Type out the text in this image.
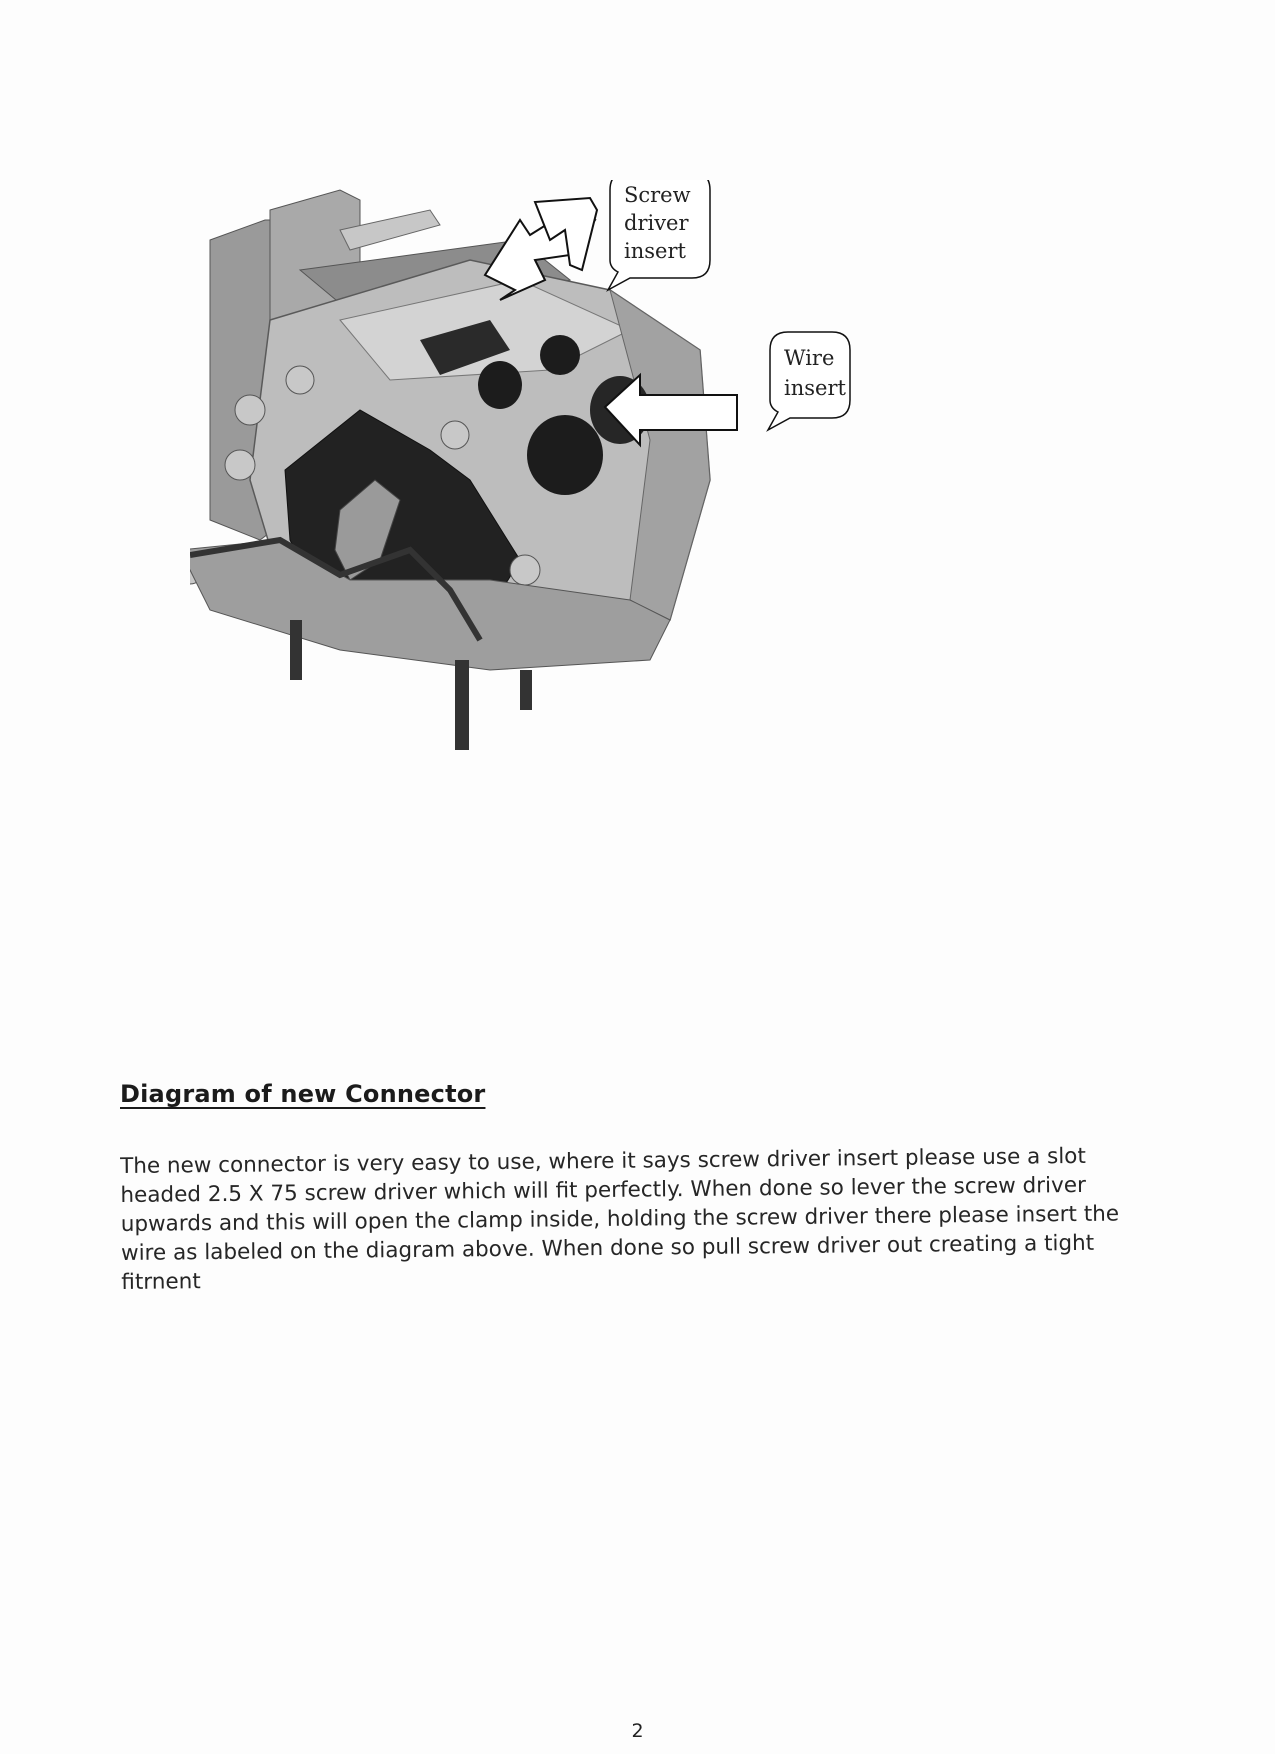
Screw
driver
insert
Wire
insert
Diagram of new Connector

The new connector is very easy to use, where it says screw driver insert please use a slot headed 2.5 X 75 screw driver which will fit perfectly. When done so lever the screw driver upwards and this will open the clamp inside, holding the screw driver there please insert the wire as labeled on the diagram above. When done so pull screw driver out creating a tight fitrnent

2
